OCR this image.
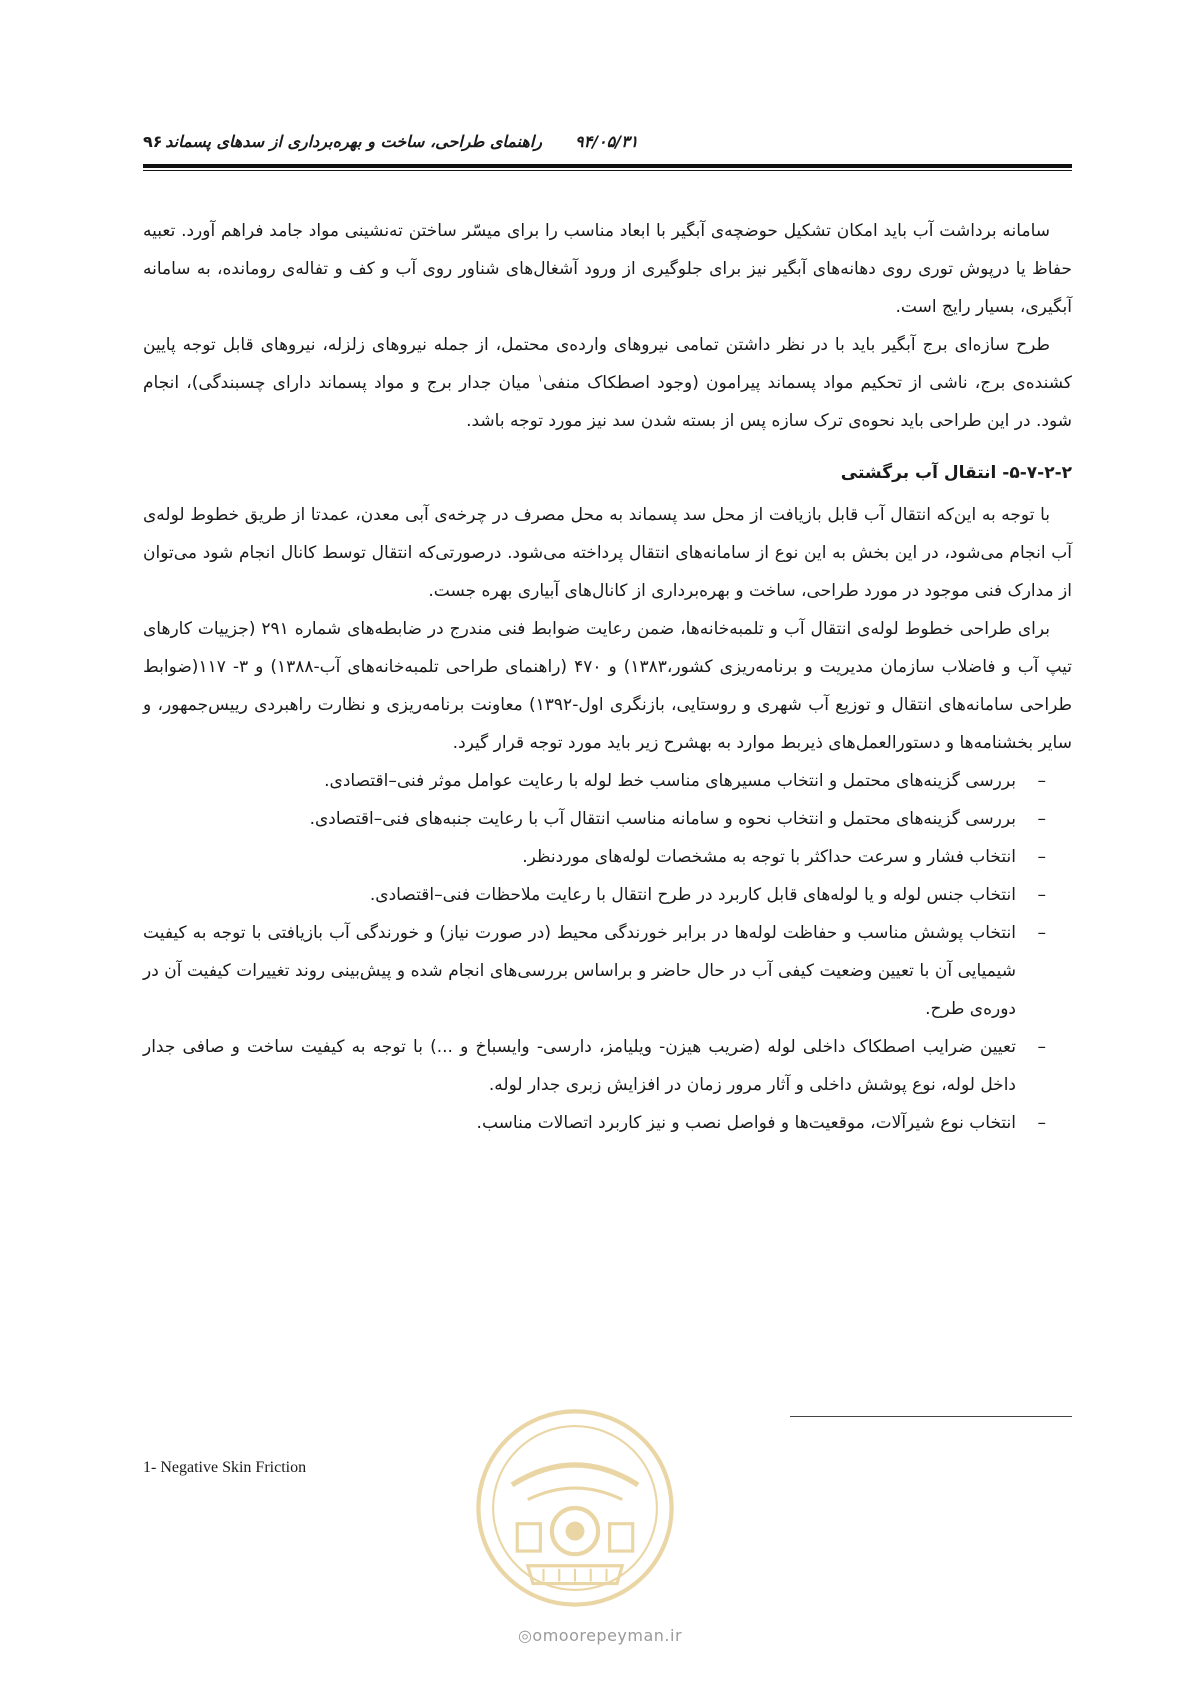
راهنمای طراحی، ساخت و بهره‌برداری از سدهای پسماند ۹۴/۰۵/۳۱
۹۶

سامانه برداشت آب باید امکان تشکیل حوضچه‌ی آبگیر با ابعاد مناسب را برای میسّر ساختن ته‌نشینی مواد جامد فراهم آورد. تعبیه حفاظ یا درپوش توری روی دهانه‌های آبگیر نیز برای جلوگیری از ورود آشغال‌های شناور روی آب و کف و تفاله‌ی رومانده، به سامانه آبگیری، بسیار رایج است.

طرح سازه‌ای برج آبگیر باید با در نظر داشتن تمامی نیروهای وارده‌ی محتمل، از جمله نیروهای زلزله، نیروهای قابل توجه پایین کشنده‌ی برج، ناشی از تحکیم مواد پسماند پیرامون (وجود اصطکاک منفی$^۱$ میان جدار برج و مواد پسماند دارای چسبندگی)، انجام شود. در این طراحی باید نحوه‌ی ترک سازه پس از بسته شدن سد نیز مورد توجه باشد.

۵-۷-۲-۲- انتقال آب برگشتی

با توجه به این‌که انتقال آب قابل بازیافت از محل سد پسماند به محل مصرف در چرخه‌ی آبی معدن، عمدتا از طریق خطوط لوله‌ی آب انجام می‌شود، در این بخش به این نوع از سامانه‌های انتقال پرداخته می‌شود. درصورتی‌که انتقال توسط کانال انجام شود می‌توان از مدارک فنی موجود در مورد طراحی، ساخت و بهره‌برداری از کانال‌های آبیاری بهره جست.

برای طراحی خطوط لوله‌ی انتقال آب و تلمبه‌خانه‌ها، ضمن رعایت ضوابط فنی مندرج در ضابطه‌های شماره ۲۹۱ (جزییات کارهای تیپ آب و فاضلاب سازمان مدیریت و برنامه‌ریزی کشور،۱۳۸۳) و ۴۷۰ (راهنمای طراحی تلمبه‌خانه‌های آب-۱۳۸۸) و ۳- ۱۱۷(ضوابط طراحی سامانه‌های انتقال و توزیع آب شهری و روستایی، بازنگری اول-۱۳۹۲) معاونت برنامه‌ریزی و نظارت راهبردی رییس‌جمهور، و سایر بخشنامه‌ها و دستورالعمل‌های ذیربط موارد به بهشرح زیر باید مورد توجه قرار گیرد.

– بررسی گزینه‌های محتمل و انتخاب مسیرهای مناسب خط لوله با رعایت عوامل موثر فنی–اقتصادی.
– بررسی گزینه‌های محتمل و انتخاب نحوه و سامانه مناسب انتقال آب با رعایت جنبه‌های فنی–اقتصادی.
– انتخاب فشار و سرعت حداکثر با توجه به مشخصات لوله‌های موردنظر.
– انتخاب جنس لوله و یا لوله‌های قابل کاربرد در طرح انتقال با رعایت ملاحظات فنی–اقتصادی.
– انتخاب پوشش مناسب و حفاظت لوله‌ها در برابر خورندگی محیط (در صورت نیاز) و خورندگی آب بازیافتی با توجه به کیفیت شیمیایی آن با تعیین وضعیت کیفی آب در حال حاضر و براساس بررسی‌های انجام شده و پیش‌بینی روند تغییرات کیفیت آن در دوره‌ی طرح.
– تعیین ضرایب اصطکاک داخلی لوله (ضریب هیزن- ویلیامز، دارسی- وایسباخ و ...) با توجه به کیفیت ساخت و صافی جدار داخل لوله، نوع پوشش داخلی و آثار مرور زمان در افزایش زبری جدار لوله.
– انتخاب نوع شیرآلات، موقعیت‌ها و فواصل نصب و نیز کاربرد اتصالات مناسب.
1- Negative Skin Friction
◎omoorepeyman.ir
